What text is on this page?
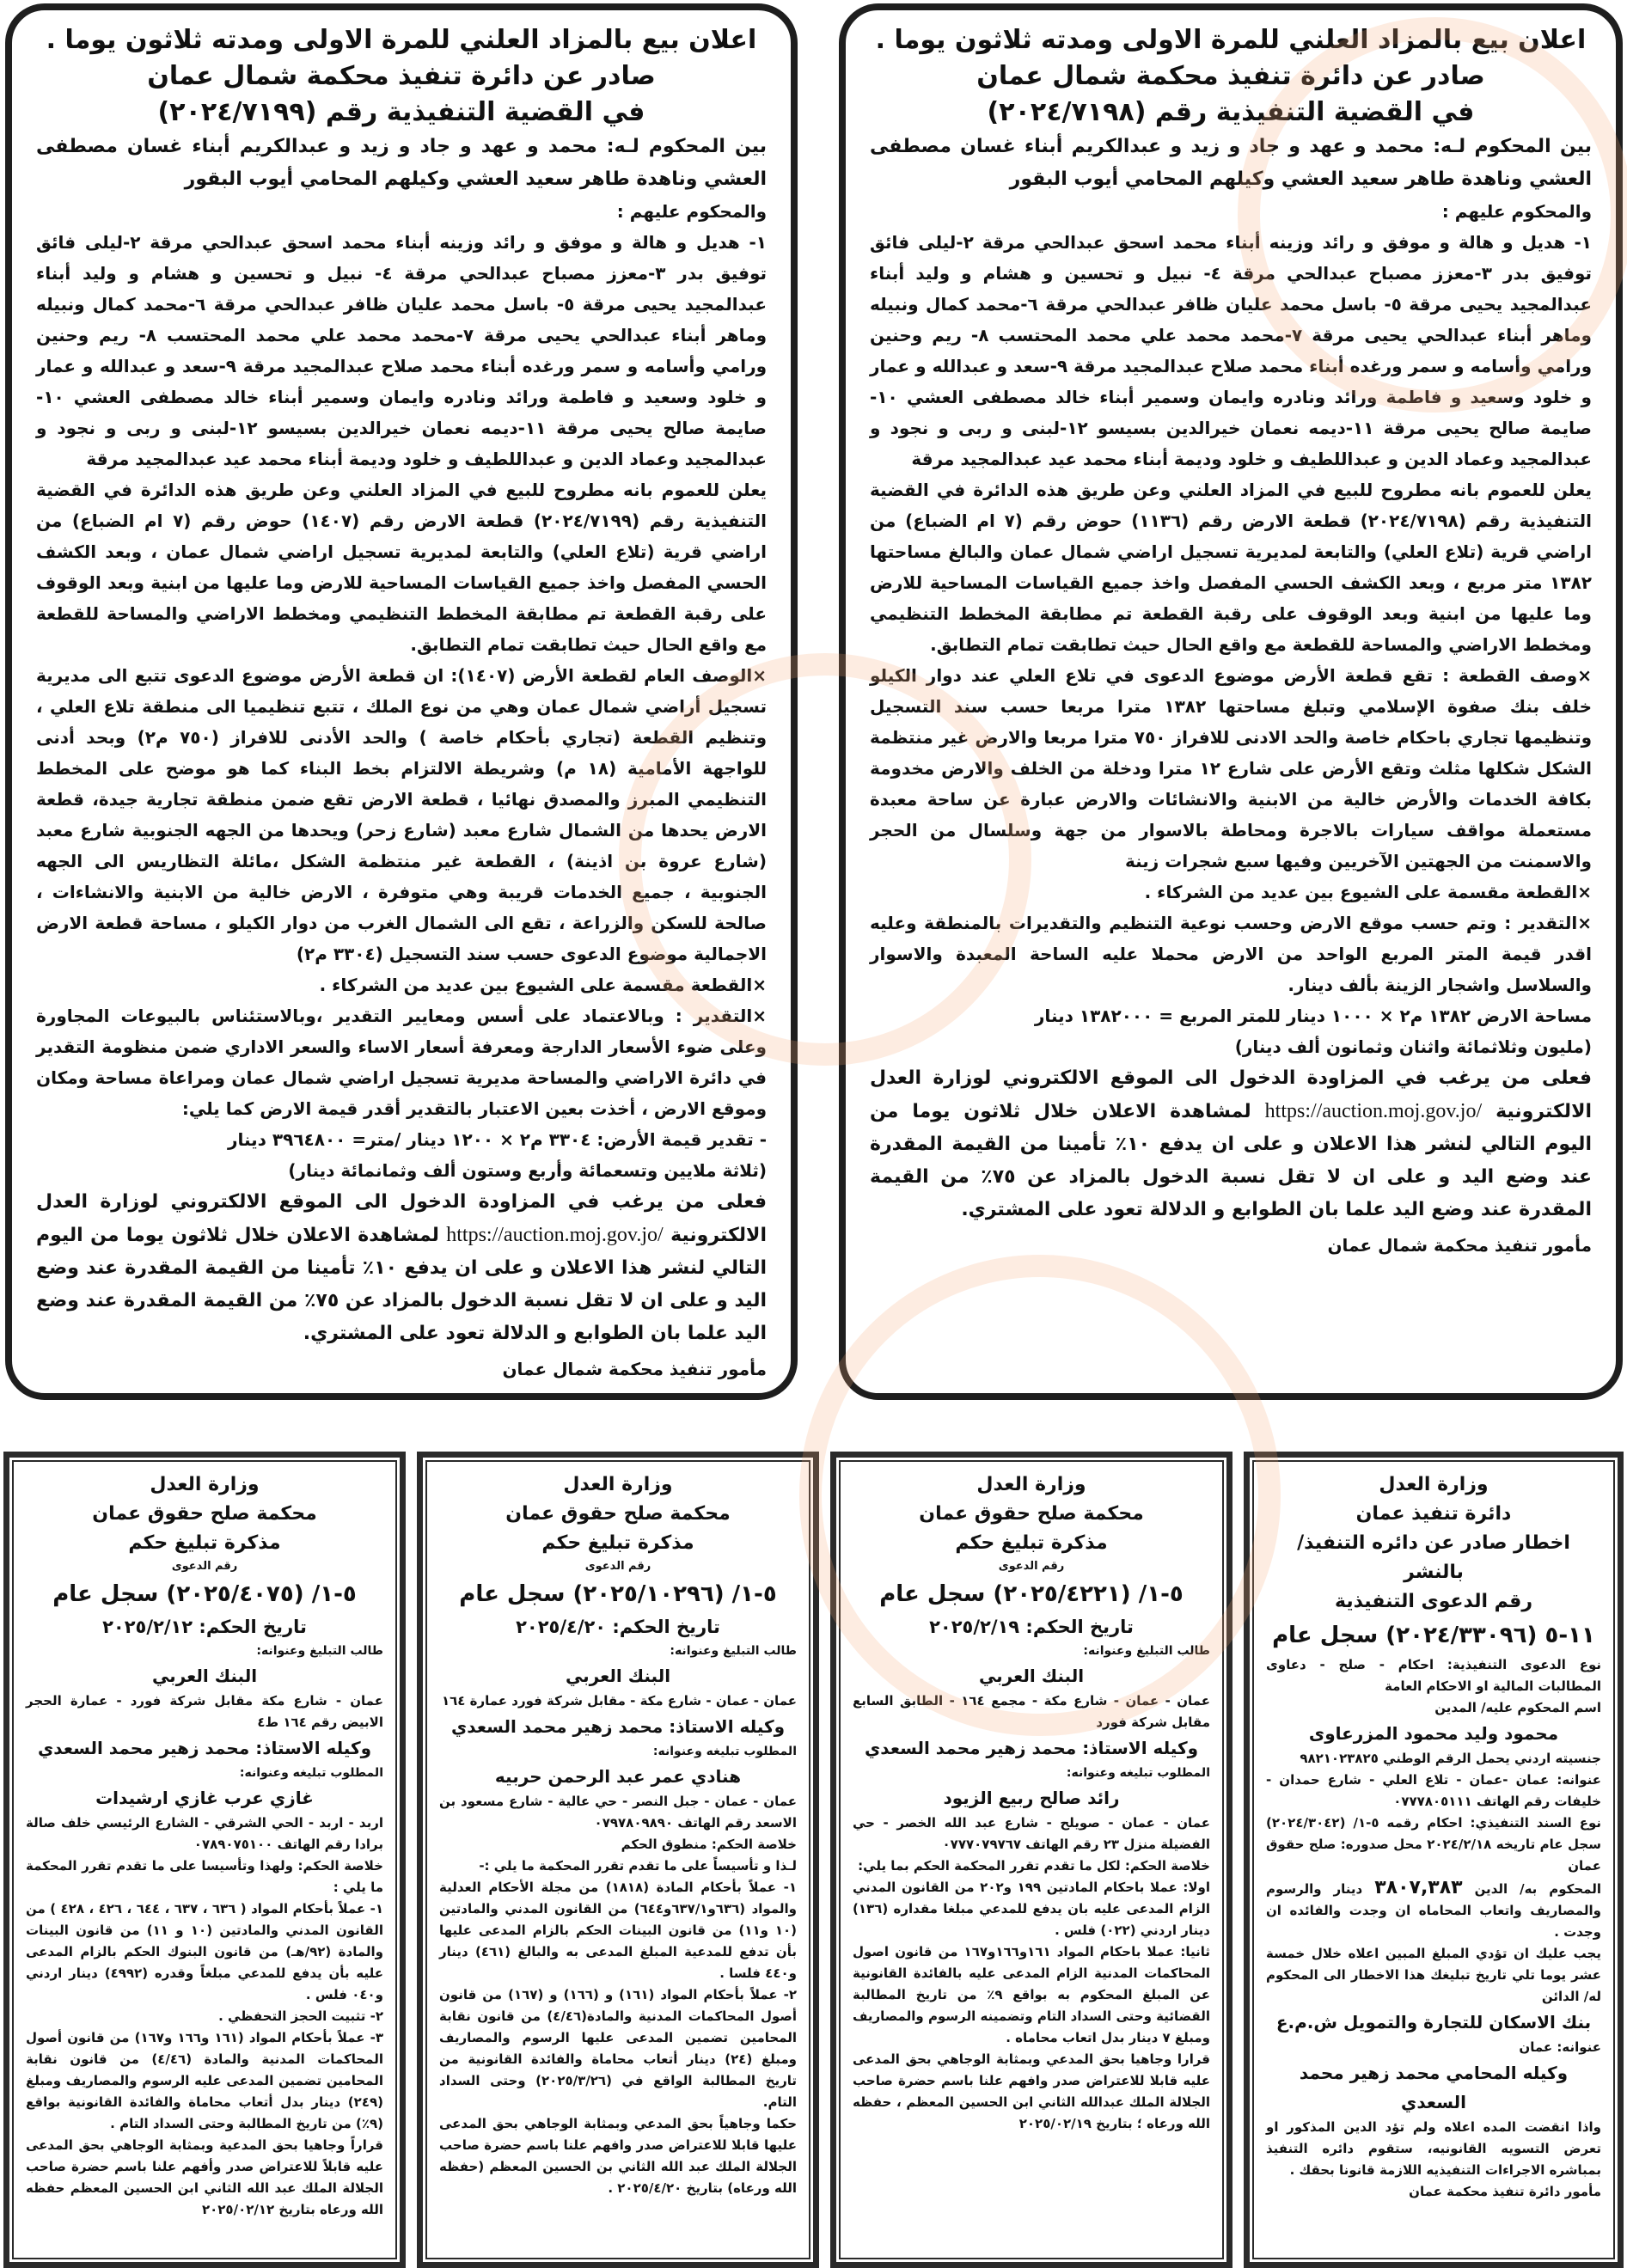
اعلان بيع بالمزاد العلني للمرة الاولى ومدته ثلاثون يوما .
صادر عن دائرة تنفيذ محكمة شمال عمان
في القضية التنفيذية رقم (٢٠٢٤/٧١٩٨)

بين المحكوم لـه: محمد و عهد و جاد و زيد و عبدالكريم أبناء غسان مصطفى العشي وناهدة طاهر سعيد العشي وكيلهم المحامي أيوب البقور

والمحكوم عليهم :

١- هديل و هالة و موفق و رائد وزينه أبناء محمد اسحق عبدالحي مرقة ٢-ليلى فائق توفيق بدر ٣-معزز مصباح عبدالحي مرقة ٤- نبيل و تحسين و هشام و وليد أبناء عبدالمجيد يحيى مرقة ٥- باسل محمد عليان ظافر عبدالحي مرقة ٦-محمد كمال ونبيله وماهر أبناء عبدالحي يحيى مرقة ٧-محمد محمد علي محمد المحتسب ٨- ريم وحنين ورامي وأسامه و سمر ورغده أبناء محمد صلاح عبدالمجيد مرقة ٩-سعد و عبدالله و عمار و خلود وسعيد و فاطمة ورائد ونادره وايمان وسمير أبناء خالد مصطفى العشي ١٠-صايمة صالح يحيى مرقة ١١-ديمه نعمان خيرالدين بسيسو ١٢-لبنى و ربى و نجود و عبدالمجيد وعماد الدين و عبداللطيف و خلود وديمة أبناء محمد عيد عبدالمجيد مرقة

يعلن للعموم بانه مطروح للبيع في المزاد العلني وعن طريق هذه الدائرة في القضية التنفيذية رقم (٢٠٢٤/٧١٩٨) قطعة الارض رقم (١١٣٦) حوض رقم (٧ ام الضباع) من اراضي قرية (تلاع العلي) والتابعة لمديرية تسجيل اراضي شمال عمان والبالغ مساحتها ١٣٨٢ متر مربع ، وبعد الكشف الحسي المفصل واخذ جميع القياسات المساحية للارض وما عليها من ابنية وبعد الوقوف على رقبة القطعة تم مطابقة المخطط التنظيمي ومخطط الاراضي والمساحة للقطعة مع واقع الحال حيث تطابقت تمام التطابق.

×وصف القطعة : تقع قطعة الأرض موضوع الدعوى في تلاع العلي عند دوار الكيلو خلف بنك صفوة الإسلامي وتبلغ مساحتها ١٣٨٢ مترا مربعا حسب سند التسجيل وتنظيمها تجاري باحكام خاصة والحد الادنى للافراز ٧٥٠ مترا مربعا والارض غير منتظمة الشكل شكلها مثلث وتقع الأرض على شارع ١٢ مترا ودخلة من الخلف والارض مخدومة بكافة الخدمات والأرض خالية من الابنية والانشائات والارض عبارة عن ساحة معبدة مستعملة مواقف سيارات بالاجرة ومحاطة بالاسوار من جهة وسلسال من الحجر والاسمنت من الجهتين الآخريين وفيها سبع شجرات زينة

×القطعة مقسمة على الشيوع بين عديد من الشركاء .

×التقدير : وتم حسب موقع الارض وحسب نوعية التنظيم والتقديرات بالمنطقة وعليه اقدر قيمة المتر المربع الواحد من الارض محملا عليه الساحة المعبدة والاسوار والسلاسل واشجار الزينة بألف دينار.

مساحة الارض ١٣٨٢ م٢ × ١٠٠٠ دينار للمتر المربع = ١٣٨٢٠٠٠ دينار

(مليون وثلاثمائة واثنان وثمانون ألف دينار)

فعلى من يرغب في المزاودة الدخول الى الموقع الالكتروني لوزارة العدل الالكترونية https://auction.moj.gov.jo/ لمشاهدة الاعلان خلال ثلاثون يوما من اليوم التالي لنشر هذا الاعلان و على ان يدفع ١٠٪ تأمينا من القيمة المقدرة عند وضع اليد و على ان لا تقل نسبة الدخول بالمزاد عن ٧٥٪ من القيمة المقدرة عند وضع اليد علما بان الطوابع و الدلالة تعود على المشتري.

مأمور تنفيذ محكمة شمال عمان

اعلان بيع بالمزاد العلني للمرة الاولى ومدته ثلاثون يوما .
صادر عن دائرة تنفيذ محكمة شمال عمان
في القضية التنفيذية رقم (٢٠٢٤/٧١٩٩)

بين المحكوم لـه: محمد و عهد و جاد و زيد و عبدالكريم أبناء غسان مصطفى العشي وناهدة طاهر سعيد العشي وكيلهم المحامي أيوب البقور

والمحكوم عليهم :

١- هديل و هالة و موفق و رائد وزينه أبناء محمد اسحق عبدالحي مرقة ٢-ليلى فائق توفيق بدر ٣-معزز مصباح عبدالحي مرقة ٤- نبيل و تحسين و هشام و وليد أبناء عبدالمجيد يحيى مرقة ٥- باسل محمد عليان ظافر عبدالحي مرقة ٦-محمد كمال ونبيله وماهر أبناء عبدالحي يحيى مرقة ٧-محمد محمد علي محمد المحتسب ٨- ريم وحنين ورامي وأسامه و سمر ورغده أبناء محمد صلاح عبدالمجيد مرقة ٩-سعد و عبدالله و عمار و خلود وسعيد و فاطمة ورائد ونادره وايمان وسمير أبناء خالد مصطفى العشي ١٠-صايمة صالح يحيى مرقة ١١-ديمه نعمان خيرالدين بسيسو ١٢-لبنى و ربى و نجود و عبدالمجيد وعماد الدين و عبداللطيف و خلود وديمة أبناء محمد عيد عبدالمجيد مرقة

يعلن للعموم بانه مطروح للبيع في المزاد العلني وعن طريق هذه الدائرة في القضية التنفيذية رقم (٢٠٢٤/٧١٩٩) قطعة الارض رقم (١٤٠٧) حوض رقم (٧ ام الضباع) من اراضي قرية (تلاع العلي) والتابعة لمديرية تسجيل اراضي شمال عمان ، وبعد الكشف الحسي المفصل واخذ جميع القياسات المساحية للارض وما عليها من ابنية وبعد الوقوف على رقبة القطعة تم مطابقة المخطط التنظيمي ومخطط الاراضي والمساحة للقطعة مع واقع الحال حيث تطابقت تمام التطابق.

×الوصف العام لقطعة الأرض (١٤٠٧): ان قطعة الأرض موضوع الدعوى تتبع الى مديرية تسجيل أراضي شمال عمان وهي من نوع الملك ، تتبع تنظيميا الى منطقة تلاع العلي ، وتنظيم القطعة (تجاري بأحكام خاصة ) والحد الأدنى للافراز (٧٥٠ م٢) وبحد أدنى للواجهة الأمامية (١٨ م) وشريطة الالتزام بخط البناء كما هو موضح على المخطط التنظيمي المبرز والمصدق نهائيا ، قطعة الارض تقع ضمن منطقة تجارية جيدة، قطعة الارض يحدها من الشمال شارع معبد (شارع زحر) ويحدها من الجهه الجنوبية شارع معبد (شارع عروة بن اذينة) ، القطعة غير منتظمة الشكل ،مائلة التظاريس الى الجهه الجنوبية ، جميع الخدمات قريبة وهي متوفرة ، الارض خالية من الابنية والانشاءات ، صالحة للسكن والزراعة ، تقع الى الشمال الغرب من دوار الكيلو ، مساحة قطعة الارض الاجمالية موضوع الدعوى حسب سند التسجيل (٣٣٠٤ م٢)

×القطعة مقسمة على الشيوع بين عديد من الشركاء .

×التقدير : وبالاعتماد على أسس ومعايير التقدير ،وبالاستئناس بالبيوعات المجاورة وعلى ضوء الأسعار الدارجة ومعرفة أسعار الاساء والسعر الاداري ضمن منظومة التقدير في دائرة الاراضي والمساحة مديرية تسجيل اراضي شمال عمان ومراعاة مساحة ومكان وموقع الارض ، أخذت بعين الاعتبار بالتقدير أقدر قيمة الارض كما يلي:

- تقدير قيمة الأرض: ٣٣٠٤ م٢ × ١٢٠٠ دينار /متر= ٣٩٦٤٨٠٠ دينار

(ثلاثة ملايين وتسعمائة وأربع وستون ألف وثمانمائة دينار)

فعلى من يرغب في المزاودة الدخول الى الموقع الالكتروني لوزارة العدل الالكترونية https://auction.moj.gov.jo/ لمشاهدة الاعلان خلال ثلاثون يوما من اليوم التالي لنشر هذا الاعلان و على ان يدفع ١٠٪ تأمينا من القيمة المقدرة عند وضع اليد و على ان لا تقل نسبة الدخول بالمزاد عن ٧٥٪ من القيمة المقدرة عند وضع اليد علما بان الطوابع و الدلالة تعود على المشتري.

مأمور تنفيذ محكمة شمال عمان

وزارة العدل
دائرة تنفيذ عمان
اخطار صادر عن دائره التنفيذ/ بالنشر
رقم الدعوى التنفيذية
١١-٥ (٢٠٢٤/٣٣٠٩٦) سجل عام

نوع الدعوى التنفيذية: احكام - صلح - دعاوى المطالبات المالية او الاحكام العامة

اسم المحكوم عليه/ المدين

محمود وليد محمود المزرعاوى

جنسيته اردني يحمل الرقم الوطني ٩٨٢١٠٢٣٨٢٥

عنوانه: عمان -عمان - تلاع العلي - شارع حمدان - خليفات رقم الهاتف ٠٧٧٧٨٠٥١١١

نوع السند التنفيذي: احكام رقمه ٥-١/ (٢٠٢٤/٣٠٤٢) سجل عام تاريخه ٢٠٢٤/٢/١٨ محل صدوره: صلح حقوق عمان

المحكوم به/ الدين ٣٨٠٧,٣٨٣ دينار والرسوم والمصاريف واتعاب المحاماه ان وجدت والفائده ان وجدت .

يجب عليك ان تؤدي المبلغ المبين اعلاه خلال خمسة عشر يوما تلي تاريخ تبليغك هذا الاخطار الى المحكوم له/ الدائن

بنك الاسكان للتجارة والتمويل ش.م.ع

عنوانه: عمان

وكيله المحامي محمد زهير محمد السعدي

واذا انقضت المده اعلاه ولم تؤد الدين المذكور او تعرض التسويه القانونيه، ستقوم دائره التنفيذ بمباشره الاجراءات التنفيذيه اللازمة قانونا بحقك .

مأمور دائرة تنفيذ محكمة عمان

وزارة العدل
محكمة صلح حقوق عمان
مذكرة تبليغ حكم
رقم الدعوى
٥-١/ (٢٠٢٥/٤٢٢١) سجل عام
تاريخ الحكم: ٢٠٢٥/٢/١٩
طالب التبليغ وعنوانه:
البنك العربي

عمان - عمان - شارع مكة - مجمع ١٦٤ - الطابق السابع مقابل شركة فورد

وكيله الاستاذ: محمد زهير محمد السعدي
المطلوب تبليغه وعنوانه:
رائد صالح ربيع الزيود

عمان - عمان - صويلح - شارع عبد الله الخصر - حي الفضيلة منزل ٢٣ رقم الهاتف ٠٧٧٧٠٧٩٧٦٧

خلاصة الحكم: لكل ما تقدم تقرر المحكمة الحكم بما يلي:

اولا: عملا باحكام المادتين ١٩٩ و٢٠٢ من القانون المدني الزام المدعى عليه بان يدفع للمدعي مبلغا مقداره (١٣٦) دينار اردني (٠٢٢) فلس .

ثانيا: عملا باحكام المواد ١٦١و١٦٦و١٦٧ من قانون اصول المحاكمات المدنية الزام المدعى عليه بالفائدة القانونية عن المبلغ المحكوم به بواقع ٩٪ من تاريخ المطالبة القضائية وحتى السداد التام وتضمينه الرسوم والمصاريف ومبلغ ٧ دينار بدل اتعاب محاماه .

قرارا وجاهيا بحق المدعي وبمثابة الوجاهي بحق المدعى عليه قابلا للاعتراض صدر وافهم علنا باسم حضرة صاحب الجلالة الملك عبدالله الثاني ابن الحسين المعظم ، حفظه الله ورعاه ؛ بتاريخ ٢٠٢٥/٠٢/١٩

وزارة العدل
محكمة صلح حقوق عمان
مذكرة تبليغ حكم
رقم الدعوى
٥-١/ (٢٠٢٥/١٠٢٩٦) سجل عام
تاريخ الحكم: ٢٠٢٥/٤/٢٠
طالب التبليغ وعنوانه:
البنك العربي

عمان - عمان - شارع مكة - مقابل شركة فورد عمارة ١٦٤

وكيله الاستاذ: محمد زهير محمد السعدي
المطلوب تبليغه وعنوانه:
هنادي عمر عبد الرحمن حربيه

عمان - عمان - جبل النصر - حي عالية - شارع مسعود بن الاسعد رقم الهاتف ٠٧٩٧٨٠٩٨٩٠

خلاصة الحكم: منطوق الحكم

لـذا و تأسيساً على ما تقدم تقرر المحكمة ما يلي :-

١- عملاً بأحكام المادة (١٨١٨) من مجلة الأحكام العدلية والمواد (٦٣٦و٦٣٧/١و٦٤٤) من القانون المدني والمادتين (١٠ و١١) من قانون البينات الحكم بالزام المدعى عليها بأن تدفع للمدعية المبلغ المدعى به والبالغ (٤٦١) دينار و٤٤٠ فلسا .

٢- عملاً بأحكام المواد (١٦١) و (١٦٦) و (١٦٧) من قانون أصول المحاكمات المدنية والمادة(٤/٤٦) من قانون نقابة المحامين تضمين المدعى عليها الرسوم والمصاريف ومبلغ (٢٤) دينار أتعاب محاماة والفائدة القانونية من تاريخ المطالبة الواقع في (٢٠٢٥/٣/٢٦) وحتى السداد التام.

حكما وجاهياً بحق المدعي وبمثابة الوجاهي بحق المدعى عليها قابلا للاعتراض صدر وافهم علنا باسم حضرة صاحب الجلالة الملك عبد الله الثاني بن الحسين المعظم (حفظه الله ورعاه) بتاريخ ٢٠٢٥/٤/٢٠ .

وزارة العدل
محكمة صلح حقوق عمان
مذكرة تبليغ حكم
رقم الدعوى
٥-١/ (٢٠٢٥/٤٠٧٥) سجل عام
تاريخ الحكم: ٢٠٢٥/٢/١٢
طالب التبليغ وعنوانه:
البنك العربي

عمان - شارع مكة مقابل شركة فورد - عمارة الحجر الابيض رقم ١٦٤ ط٤

وكيله الاستاذ: محمد زهير محمد السعدي
المطلوب تبليغه وعنوانه:
غازي عرب غازي ارشيدات

اربد - اربد - الحي الشرقي - الشارع الرئيسي خلف صالة برادا رقم الهاتف ٠٧٨٩٠٧٥١٠٠

خلاصة الحكم: ولهذا وتأسيسا على ما تقدم تقرر المحكمة ما يلي :

١- عملاً بأحكام المواد ( ٦٣٦ ، ٦٣٧ ، ٦٤٤ ، ٤٢٦ ، ٤٢٨ ) من القانون المدني والمادتين (١٠ و ١١) من قانون البينات والمادة (٩٢/هـ) من قانون البنوك الحكم بالزام المدعى عليه بأن يدفع للمدعي مبلغاً وقدره (٤٩٩٢) دينار اردني و٠٤٠ فلس .

٢- تثبيت الحجز التحفظي .

٣- عملاً بأحكام المواد (١٦١ و١٦٦ و١٦٧) من قانون أصول المحاكمات المدنية والمادة (٤/٤٦) من قانون نقابة المحامين تضمين المدعى عليه الرسوم والمصاريف ومبلغ (٢٤٩) دينار بدل أتعاب محاماة والفائدة القانونية بواقع (٩٪) من تاريخ المطالبة وحتى السداد التام .

قراراً وجاهيا بحق المدعية وبمثابة الوجاهي بحق المدعى عليه قابلاً للاعتراض صدر وأفهم علنا باسم حضرة صاحب الجلالة الملك عبد الله الثاني ابن الحسين المعظم حفظه الله ورعاه بتاريخ ٢٠٢٥/٠٢/١٢
